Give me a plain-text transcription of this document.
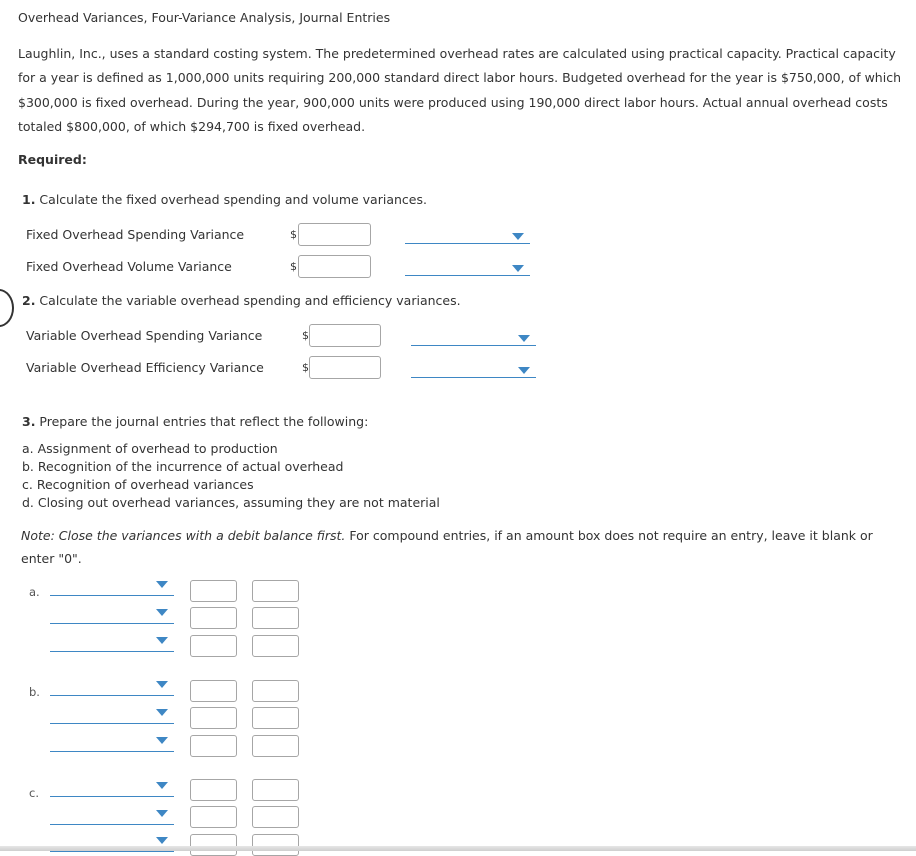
Overhead Variances, Four-Variance Analysis, Journal Entries
Laughlin, Inc., uses a standard costing system. The predetermined overhead rates are calculated using practical capacity. Practical capacity for a year is defined as 1,000,000 units requiring 200,000 standard direct labor hours. Budgeted overhead for the year is $750,000, of which $300,000 is fixed overhead. During the year, 900,000 units were produced using 190,000 direct labor hours. Actual annual overhead costs totaled $800,000, of which $294,700 is fixed overhead.
Required:
1. Calculate the fixed overhead spending and volume variances.
Fixed Overhead Spending Variance	$
Fixed Overhead Volume Variance	$
2. Calculate the variable overhead spending and efficiency variances.
Variable Overhead Spending Variance	$
Variable Overhead Efficiency Variance	$
3. Prepare the journal entries that reflect the following:
a. Assignment of overhead to production
b. Recognition of the incurrence of actual overhead
c. Recognition of overhead variances
d. Closing out overhead variances, assuming they are not material
Note: Close the variances with a debit balance first. For compound entries, if an amount box does not require an entry, leave it blank or enter "0".
a.
b.
c.
